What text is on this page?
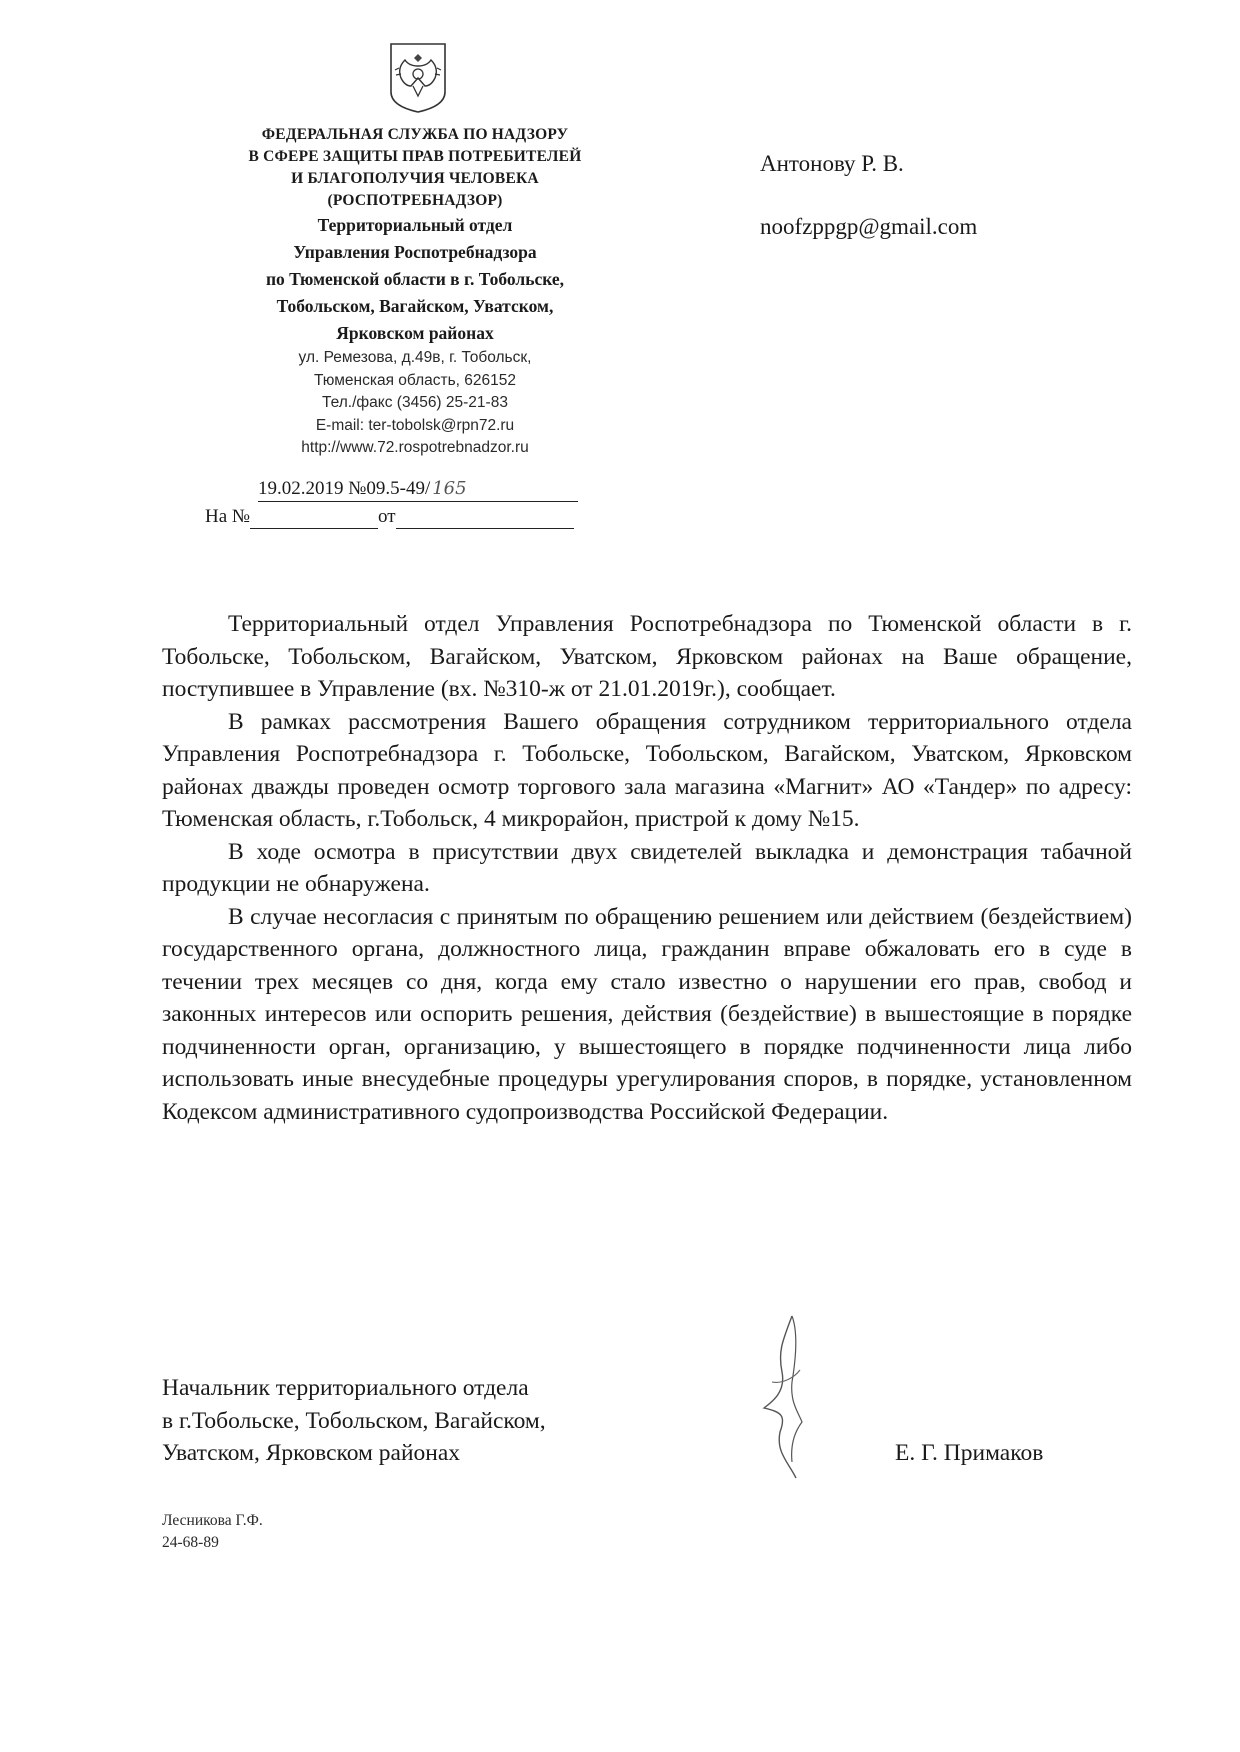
ФЕДЕРАЛЬНАЯ СЛУЖБА ПО НАДЗОРУ
В СФЕРЕ ЗАЩИТЫ ПРАВ ПОТРЕБИТЕЛЕЙ
И БЛАГОПОЛУЧИЯ ЧЕЛОВЕКА
(РОСПОТРЕБНАДЗОР)
Территориальный отдел
Управления Роспотребнадзора
по Тюменской области в г. Тобольске,
Тобольском, Вагайском, Уватском,
Ярковском районах
ул. Ремезова, д.49в, г. Тобольск,
Тюменская область, 626152
Тел./факс (3456) 25-21-83
E-mail: ter-tobolsk@rpn72.ru
http://www.72.rospotrebnadzor.ru
19.02.2019 №09.5-49/ 165
На №	от
Антонову Р. В.
noofzppgp@gmail.com

Территориальный отдел Управления Роспотребнадзора по Тюменской области в г. Тобольске, Тобольском, Вагайском, Уватском, Ярковском районах на Ваше обращение, поступившее в Управление (вх. №310-ж от 21.01.2019г.), сообщает.

В рамках рассмотрения Вашего обращения сотрудником территориального отдела Управления Роспотребнадзора г. Тобольске, Тобольском, Вагайском, Уватском, Ярковском районах дважды проведен осмотр торгового зала магазина «Магнит» АО «Тандер» по адресу: Тюменская область, г.Тобольск, 4 микрорайон, пристрой к дому №15.

В ходе осмотра в присутствии двух свидетелей выкладка и демонстрация табачной продукции не обнаружена.

В случае несогласия с принятым по обращению решением или действием (бездействием) государственного органа, должностного лица, гражданин вправе обжаловать его в суде в течении трех месяцев со дня, когда ему стало известно о нарушении его прав, свобод и законных интересов или оспорить решения, действия (бездействие) в вышестоящие в порядке подчиненности орган, организацию, у вышестоящего в порядке подчиненности лица либо использовать иные внесудебные процедуры урегулирования споров, в порядке, установленном Кодексом административного судопроизводства Российской Федерации.

Начальник территориального отдела
в г.Тобольске, Тобольском, Вагайском,
Уватском, Ярковском районах	Е. Г. Примаков
Лесникова Г.Ф.
24-68-89
